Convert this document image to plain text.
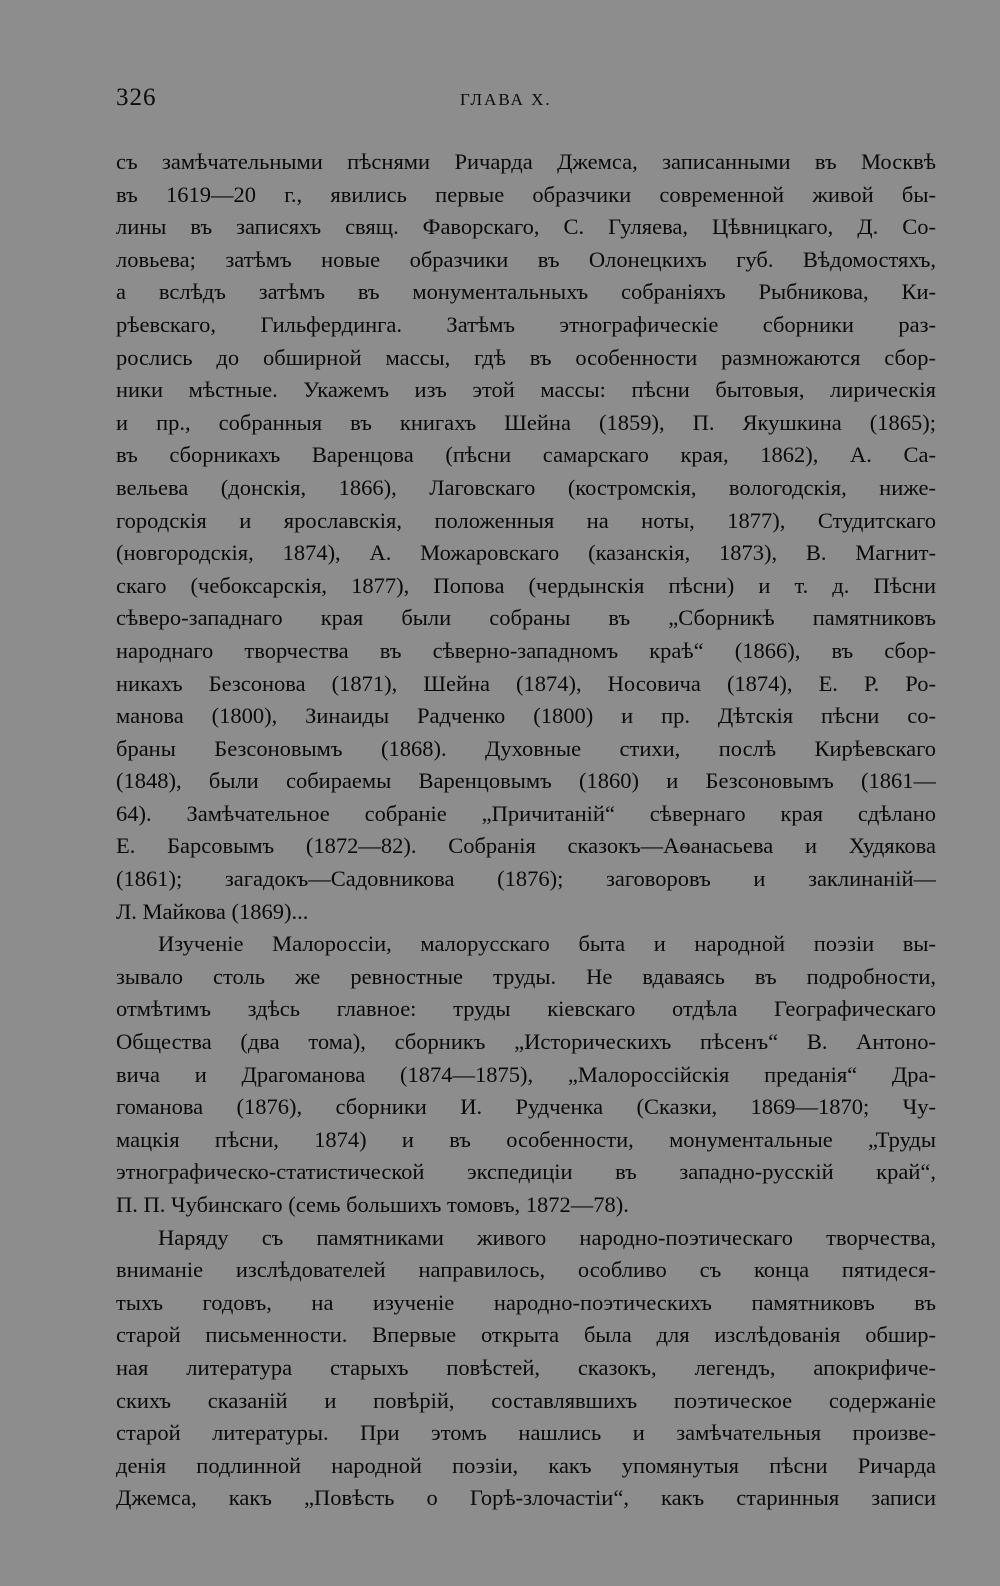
326	ГЛАВА X.
съ замѣчательными пѣснями Ричарда Джемса, записанными въ Москвѣ
въ 1619—20 г., явились первые образчики современной живой бы-
лины въ записяхъ свящ. Фаворскаго, С. Гуляева, Цѣвницкаго, Д. Со-
ловьева; затѣмъ новые образчики въ Олонецкихъ губ. Вѣдомостяхъ,
а вслѣдъ затѣмъ въ монументальныхъ собраніяхъ Рыбникова, Ки-
рѣевскаго, Гильфердинга. Затѣмъ этнографическіе сборники раз-
рослись до обширной массы, гдѣ въ особенности размножаются сбор-
ники мѣстные. Укажемъ изъ этой массы: пѣсни бытовыя, лирическія
и пр., собранныя въ книгахъ Шейна (1859), П. Якушкина (1865);
въ сборникахъ Варенцова (пѣсни самарскаго края, 1862), А. Са-
вельева (донскія, 1866), Лаговскаго (костромскія, вологодскія, ниже-
городскія и ярославскія, положенныя на ноты, 1877), Студитскаго
(новгородскія, 1874), А. Можаровскаго (казанскія, 1873), В. Магнит-
скаго (чебоксарскія, 1877), Попова (чердынскія пѣсни) и т. д. Пѣсни
сѣверо-западнаго края были собраны въ „Сборникѣ памятниковъ
народнаго творчества въ сѣверно-западномъ краѣ“ (1866), въ сбор-
никахъ Безсонова (1871), Шейна (1874), Носовича (1874), Е. Р. Ро-
манова (1800), Зинаиды Радченко (1800) и пр. Дѣтскія пѣсни со-
браны Безсоновымъ (1868). Духовные стихи, послѣ Кирѣевскаго
(1848), были собираемы Варенцовымъ (1860) и Безсоновымъ (1861—
64). Замѣчательное собраніе „Причитаній“ сѣвернаго края сдѣлано
Е. Барсовымъ (1872—82). Собранія сказокъ—Аѳанасьева и Худякова
(1861); загадокъ—Садовникова (1876); заговоровъ и заклинаній—
Л. Майкова (1869)...
Изученіе Малороссіи, малорусскаго быта и народной поэзіи вы-
зывало столь же ревностные труды. Не вдаваясь въ подробности,
отмѣтимъ здѣсь главное: труды кіевскаго отдѣла Географическаго
Общества (два тома), сборникъ „Историческихъ пѣсенъ“ В. Антоно-
вича и Драгоманова (1874—1875), „Малороссійскія преданія“ Дра-
гоманова (1876), сборники И. Рудченка (Сказки, 1869—1870; Чу-
мацкія пѣсни, 1874) и въ особенности, монументальные „Труды
этнографическо-статистической экспедиціи въ западно-русскій край“,
П. П. Чубинскаго (семь большихъ томовъ, 1872—78).
Наряду съ памятниками живого народно-поэтическаго творчества,
вниманіе изслѣдователей направилось, особливо съ конца пятидеся-
тыхъ годовъ, на изученіе народно-поэтическихъ памятниковъ въ
старой письменности. Впервые открыта была для изслѣдованія обшир-
ная литература старыхъ повѣстей, сказокъ, легендъ, апокрифиче-
скихъ сказаній и повѣрій, составлявшихъ поэтическое содержаніе
старой литературы. При этомъ нашлись и замѣчательныя произве-
денія подлинной народной поэзіи, какъ упомянутыя пѣсни Ричарда
Джемса, какъ „Повѣсть о Горѣ-злочастіи“, какъ старинныя записи
